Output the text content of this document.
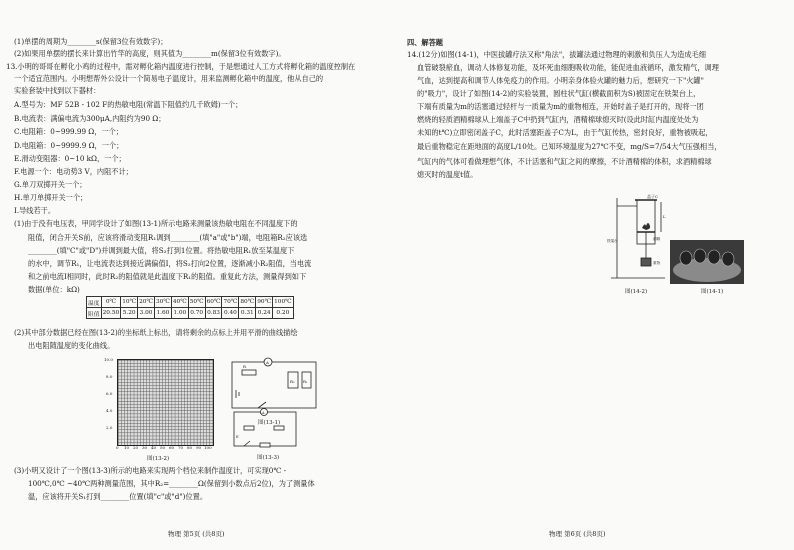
(1)单摆的周期为________s(保留3位有效数字)；
(2)如果用单摆的摆长来计算出竹竿的高度，则其值为________m(保留3位有效数字)。
13.小明的哥哥在孵化小鸡的过程中，需对孵化箱内温度进行控制，于是想通过人工方式将孵化箱的温度控制在
一个适宜范围内。小明想帮外公设计一个简易电子温度计，用来监测孵化箱中的温度，他从自己的
实验套装中找到以下器材：
A.型号为：MF 52B - 102 F的热敏电阻(常温下阻值约几千欧姆)一个；
B.电流表：满偏电流为300μA,内阻约为90 Ω；
C.电阻箱：0~999.99 Ω，一个；
D.电阻箱：0~9999.9 Ω，一个；
E.滑动变阻器：0~10 kΩ，一个；
F.电源一个：电动势3 V，内阻不计；
G.单刀双掷开关一个；
H.单刀单掷开关一个；
I.导线若干。
(1)由于没有电压表，甲同学设计了如图(13-1)所示电路来测量该热敏电阻在不同温度下的
阻值，闭合开关S前，应该将滑动变阻R₁调到________(填"a"或"b")端，电阻箱R₂应该选
________(填"C"或"D")并调到最大值，将S₂打到1位置。将热敏电阻R₁放至某温度下
的水中，调节R₁，让电流表达到接近满偏值I，将S₂打向2位置，逐渐减小R₂阻值，当电流
和之前电流I相同时，此时R₂的阻值就是此温度下R₁的阻值。重复此方法，测量得到如下
数据(单位：kΩ)
温度	0℃	10℃	20℃	30℃	40℃	50℃	60℃	70℃	80℃	90℃	100℃
阻值	20.50	5.20	3.00	1.60	1.00	0.70	0.83	0.40	0.31	0.24	0.20
(2)其中部分数据已经在图(13-2)的坐标纸上标出，请将剩余的点标上并用平滑的曲线描绘
出电阻随温度的变化曲线。
10.0
8.0
6.0
4.0
2.0
0 10 20 30 40 50 60 70 80 90 100
图(13-2)
A
R
R₂ R₁
图(13-1)
A
E
图(13-3)
(3)小明又设计了一个图(13-3)所示的电路来实现两个档位来制作温度计，可实现0℃ -
100℃,0℃ ~40℃两种测量范围，其中R₂=________Ω(保留到小数点后2位)，为了测量体
温，应该将开关S₁打到________位置(填"c"或"d")位置。
物理 第5页 (共8页)
四、解答题
14.(12分)如图(14-1)，中医拔罐疗法又称"角法"，拔罐法通过物理的刺激和负压人为造成毛细
血管破裂瘀血，调动人体修复功能，及坏死血细胞吸收功能，能促进血液循环，激发精气，调理
气血，达到提高和调节人体免疫力的作用。小明亲身体验火罐的魅力后，想研究一下"火罐"
的"吸力"，设计了如图(14-2)的实验装置，圆柱状气缸(横截面积为S)被固定在铁架台上，
下端有质量为m的活塞通过轻杆与一质量为m的重物相连，开始时盖子是打开的，现将一团
燃烧的轻质酒精棉球从上端盖子C中扔到气缸内，酒精棉球熄灭时(设此时缸内温度处处为
未知的t℃)立即密闭盖子C，此时活塞距盖子C为L，由于气缸传热，密封良好，重物被吸起，
最后重物稳定在距地面的高度L/10处。已知环境温度为27℃不变，mg/S=7/54大气压强相当，
气缸内的气体可看做理想气体，不计活塞和气缸之间的摩擦，不计酒精棉的体积，求酒精棉球
熄灭时的温度t值。
盖子C
L
铁架台	酒精
重物
图(14-2)	图(14-1)
物理 第6页 (共8页)
